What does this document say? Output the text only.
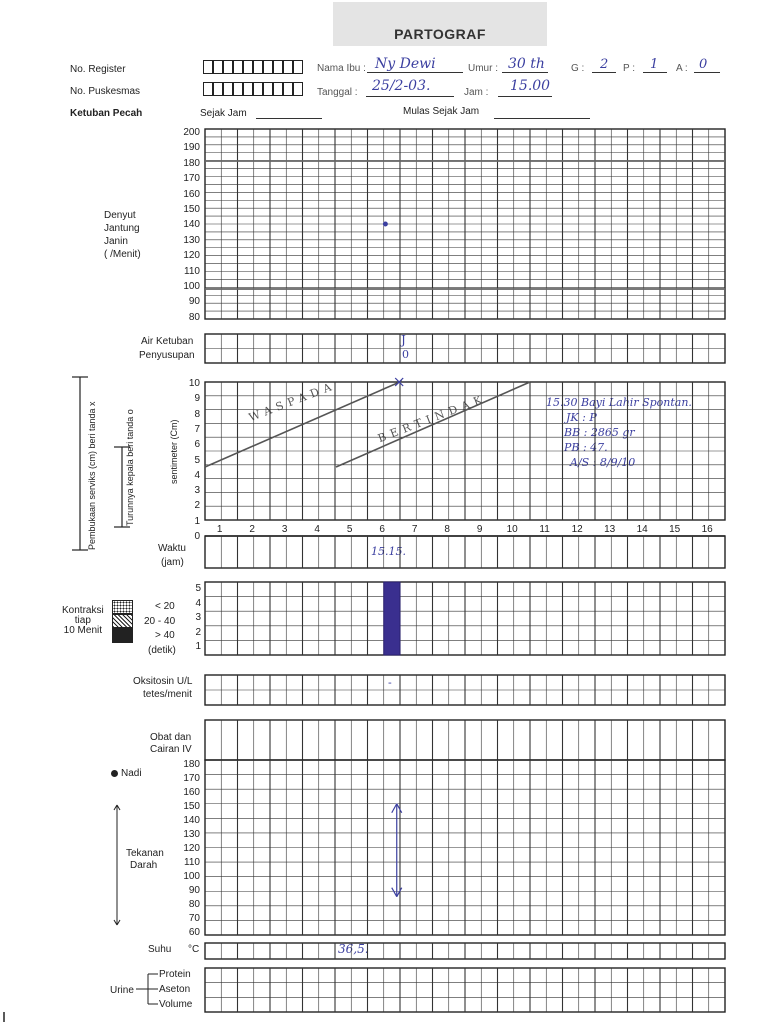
PARTOGRAF
No. Register
No. Puskesmas
Ketuban Pecah	Sejak Jam	Mulas Sejak Jam
Nama Ibu : Ny Dewi	Umur : 30 th	G : 2 P : 1 A : 0
Tanggal : 25/2-03.	Jam : 15.00
Denyut
Jantung
Janin
( /Menit)
200
190
180
170
160
150
140
130
120
110
100
90
80
Air Ketuban
Penyusupan
J
0
Pembukaan serviks (cm) beri tanda x	Turunnya kepala beri tanda o	sentimeter (Cm)
10
9
8
7
6
5
4
3
2
1
0
WASPADA	BERTINDAK	15.30 Bayi Lahir Spontan.
JK : P
BB : 2865 gr
PB : 47.
A/S : 8/9/10
Waktu
(jam)
1	2	3	4	5	6	7	8	9	10	11	12	13	14	15	16
15.15.
Kontraksi
tiap
10 Menit
< 20
20 - 40
> 40
(detik)
5
4
3
2
1
Oksitosin U/L
tetes/menit
-
Obat dan
Cairan IV
Nadi
Tekanan
Darah
180
170
160
150
140
130
120
110
100
90
80
70
60
Suhu °C	36,5.
Urine
Protein
Aseton
Volume
